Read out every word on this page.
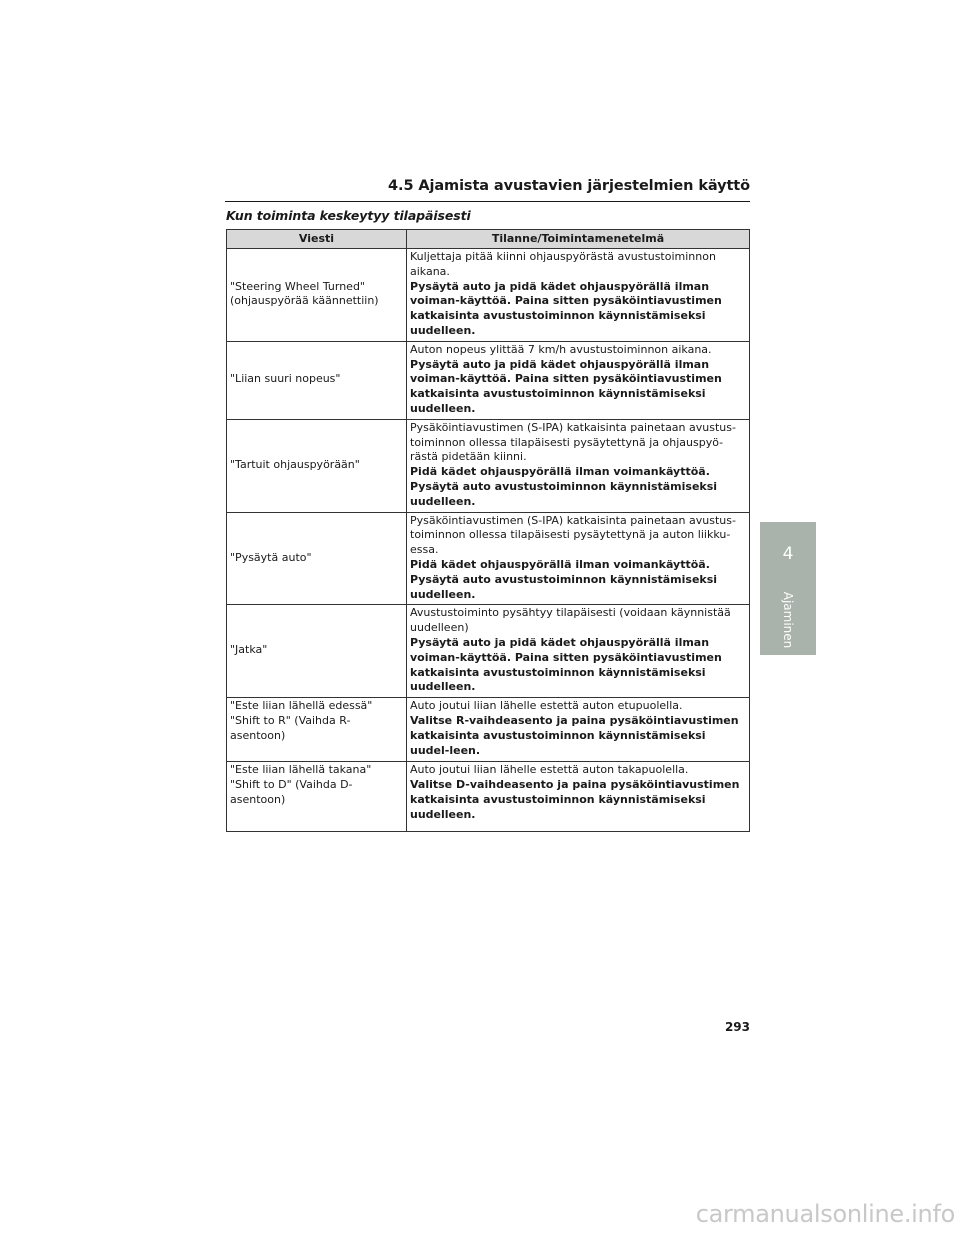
4.5 Ajamista avustavien järjestelmien käyttö
Kun toiminta keskeytyy tilapäisesti
Viesti	Tilanne/Toimintamenetelmä
"Steering Wheel Turned"
(ohjauspyörää käännettiin)	Kuljettaja pitää kiinni ohjauspyörästä avustustoiminnon aikana.
Pysäytä auto ja pidä kädet ohjauspyörällä ilman voiman-käyttöä. Paina sitten pysäköintiavustimen katkaisinta avustustoiminnon käynnistämiseksi uudelleen.

"Liian suuri nopeus"	Auton nopeus ylittää 7 km/h avustustoiminnon aikana.
Pysäytä auto ja pidä kädet ohjauspyörällä ilman voiman-käyttöä. Paina sitten pysäköintiavustimen katkaisinta avustustoiminnon käynnistämiseksi uudelleen.

"Tartuit ohjauspyörään"	Pysäköintiavustimen (S-IPA) katkaisinta painetaan avustus-toiminnon ollessa tilapäisesti pysäytettynä ja ohjauspyö-rästä pidetään kiinni.
Pidä kädet ohjauspyörällä ilman voimankäyttöä. Pysäytä auto avustustoiminnon käynnistämiseksi uudelleen.

"Pysäytä auto"	Pysäköintiavustimen (S-IPA) katkaisinta painetaan avustus-toiminnon ollessa tilapäisesti pysäytettynä ja auton liikku-essa.
Pidä kädet ohjauspyörällä ilman voimankäyttöä. Pysäytä auto avustustoiminnon käynnistämiseksi uudelleen.

"Jatka"	Avustustoiminto pysähtyy tilapäisesti (voidaan käynnistää uudelleen)
Pysäytä auto ja pidä kädet ohjauspyörällä ilman voiman-käyttöä. Paina sitten pysäköintiavustimen katkaisinta avustustoiminnon käynnistämiseksi uudelleen.

"Este liian lähellä edessä"
"Shift to R" (Vaihda R-asentoon)	Auto joutui liian lähelle estettä auton etupuolella.
Valitse R-vaihdeasento ja paina pysäköintiavustimen katkaisinta avustustoiminnon käynnistämiseksi uudel-leen.

"Este liian lähellä takana"
"Shift to D" (Vaihda D-asentoon)	Auto joutui liian lähelle estettä auton takapuolella.
Valitse D-vaihdeasento ja paina pysäköintiavustimen katkaisinta avustustoiminnon käynnistämiseksi uudelleen.
4
Ajaminen
293
carmanualsonline.info
